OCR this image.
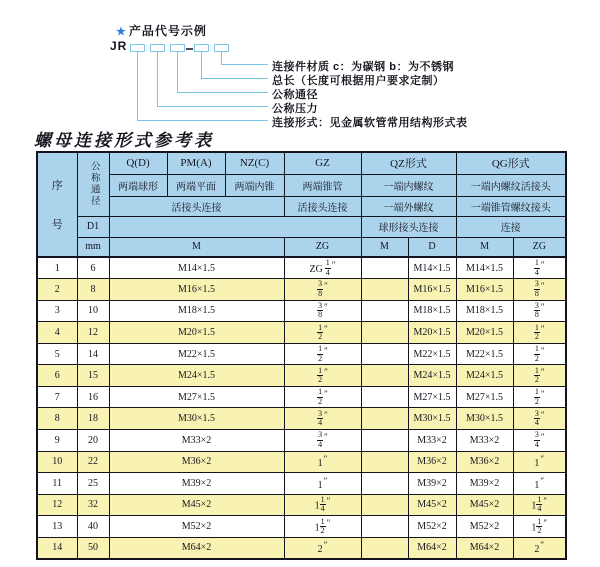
★ 产品代号示例
JR
连接件材质 c：为碳钢 b：为不锈钢
总长（长度可根据用户要求定制）
公称通径
公称压力
连接形式：见金属软管常用结构形式表
螺母连接形式参考表
序
号	公称通径	Q(D)	PM(A)	NZ(C)	GZ	QZ形式		QG形式	
		两端球形	两端平面	两端内锥	两端锥管	一端内螺纹		一端内螺纹活接头	
		活接头连接			活接头连接	一端外螺纹		一端锥管螺纹接头	
	D1					球形接头连接		连接	
	mm	M			ZG	M	D	M	ZG
1	6	M14×1.5			ZG $\frac{1}{4}$ ″		M14×1.5	M14×1.5	$\frac{1}{4}$ ″
2	8	M16×1.5			$\frac{3}{8}$ ″		M16×1.5	M16×1.5	$\frac{3}{8}$ ″
3	10	M18×1.5			$\frac{3}{8}$ ″		M18×1.5	M18×1.5	$\frac{3}{8}$ ″
4	12	M20×1.5			$\frac{1}{2}$ ″		M20×1.5	M20×1.5	$\frac{1}{2}$ ″
5	14	M22×1.5			$\frac{1}{2}$ ″		M22×1.5	M22×1.5	$\frac{1}{2}$ ″
6	15	M24×1.5			$\frac{1}{2}$ ″		M24×1.5	M24×1.5	$\frac{1}{2}$ ″
7	16	M27×1.5			$\frac{1}{2}$ ″		M27×1.5	M27×1.5	$\frac{1}{2}$ ″
8	18	M30×1.5			$\frac{3}{4}$ ″		M30×1.5	M30×1.5	$\frac{3}{4}$ ″
9	20	M33×2			$\frac{3}{4}$ ″		M33×2	M33×2	$\frac{3}{4}$ ″
10	22	M36×2			1″		M36×2	M36×2	1″
11	25	M39×2			1″		M39×2	M39×2	1″
12	32	M45×2			$1 \frac{1}{4}$ ″		M45×2	M45×2	$1 \frac{1}{4}$ ″
13	40	M52×2			$1 \frac{1}{2}$ ″		M52×2	M52×2	$1 \frac{1}{2}$ ″
14	50	M64×2			2″		M64×2	M64×2	2″
